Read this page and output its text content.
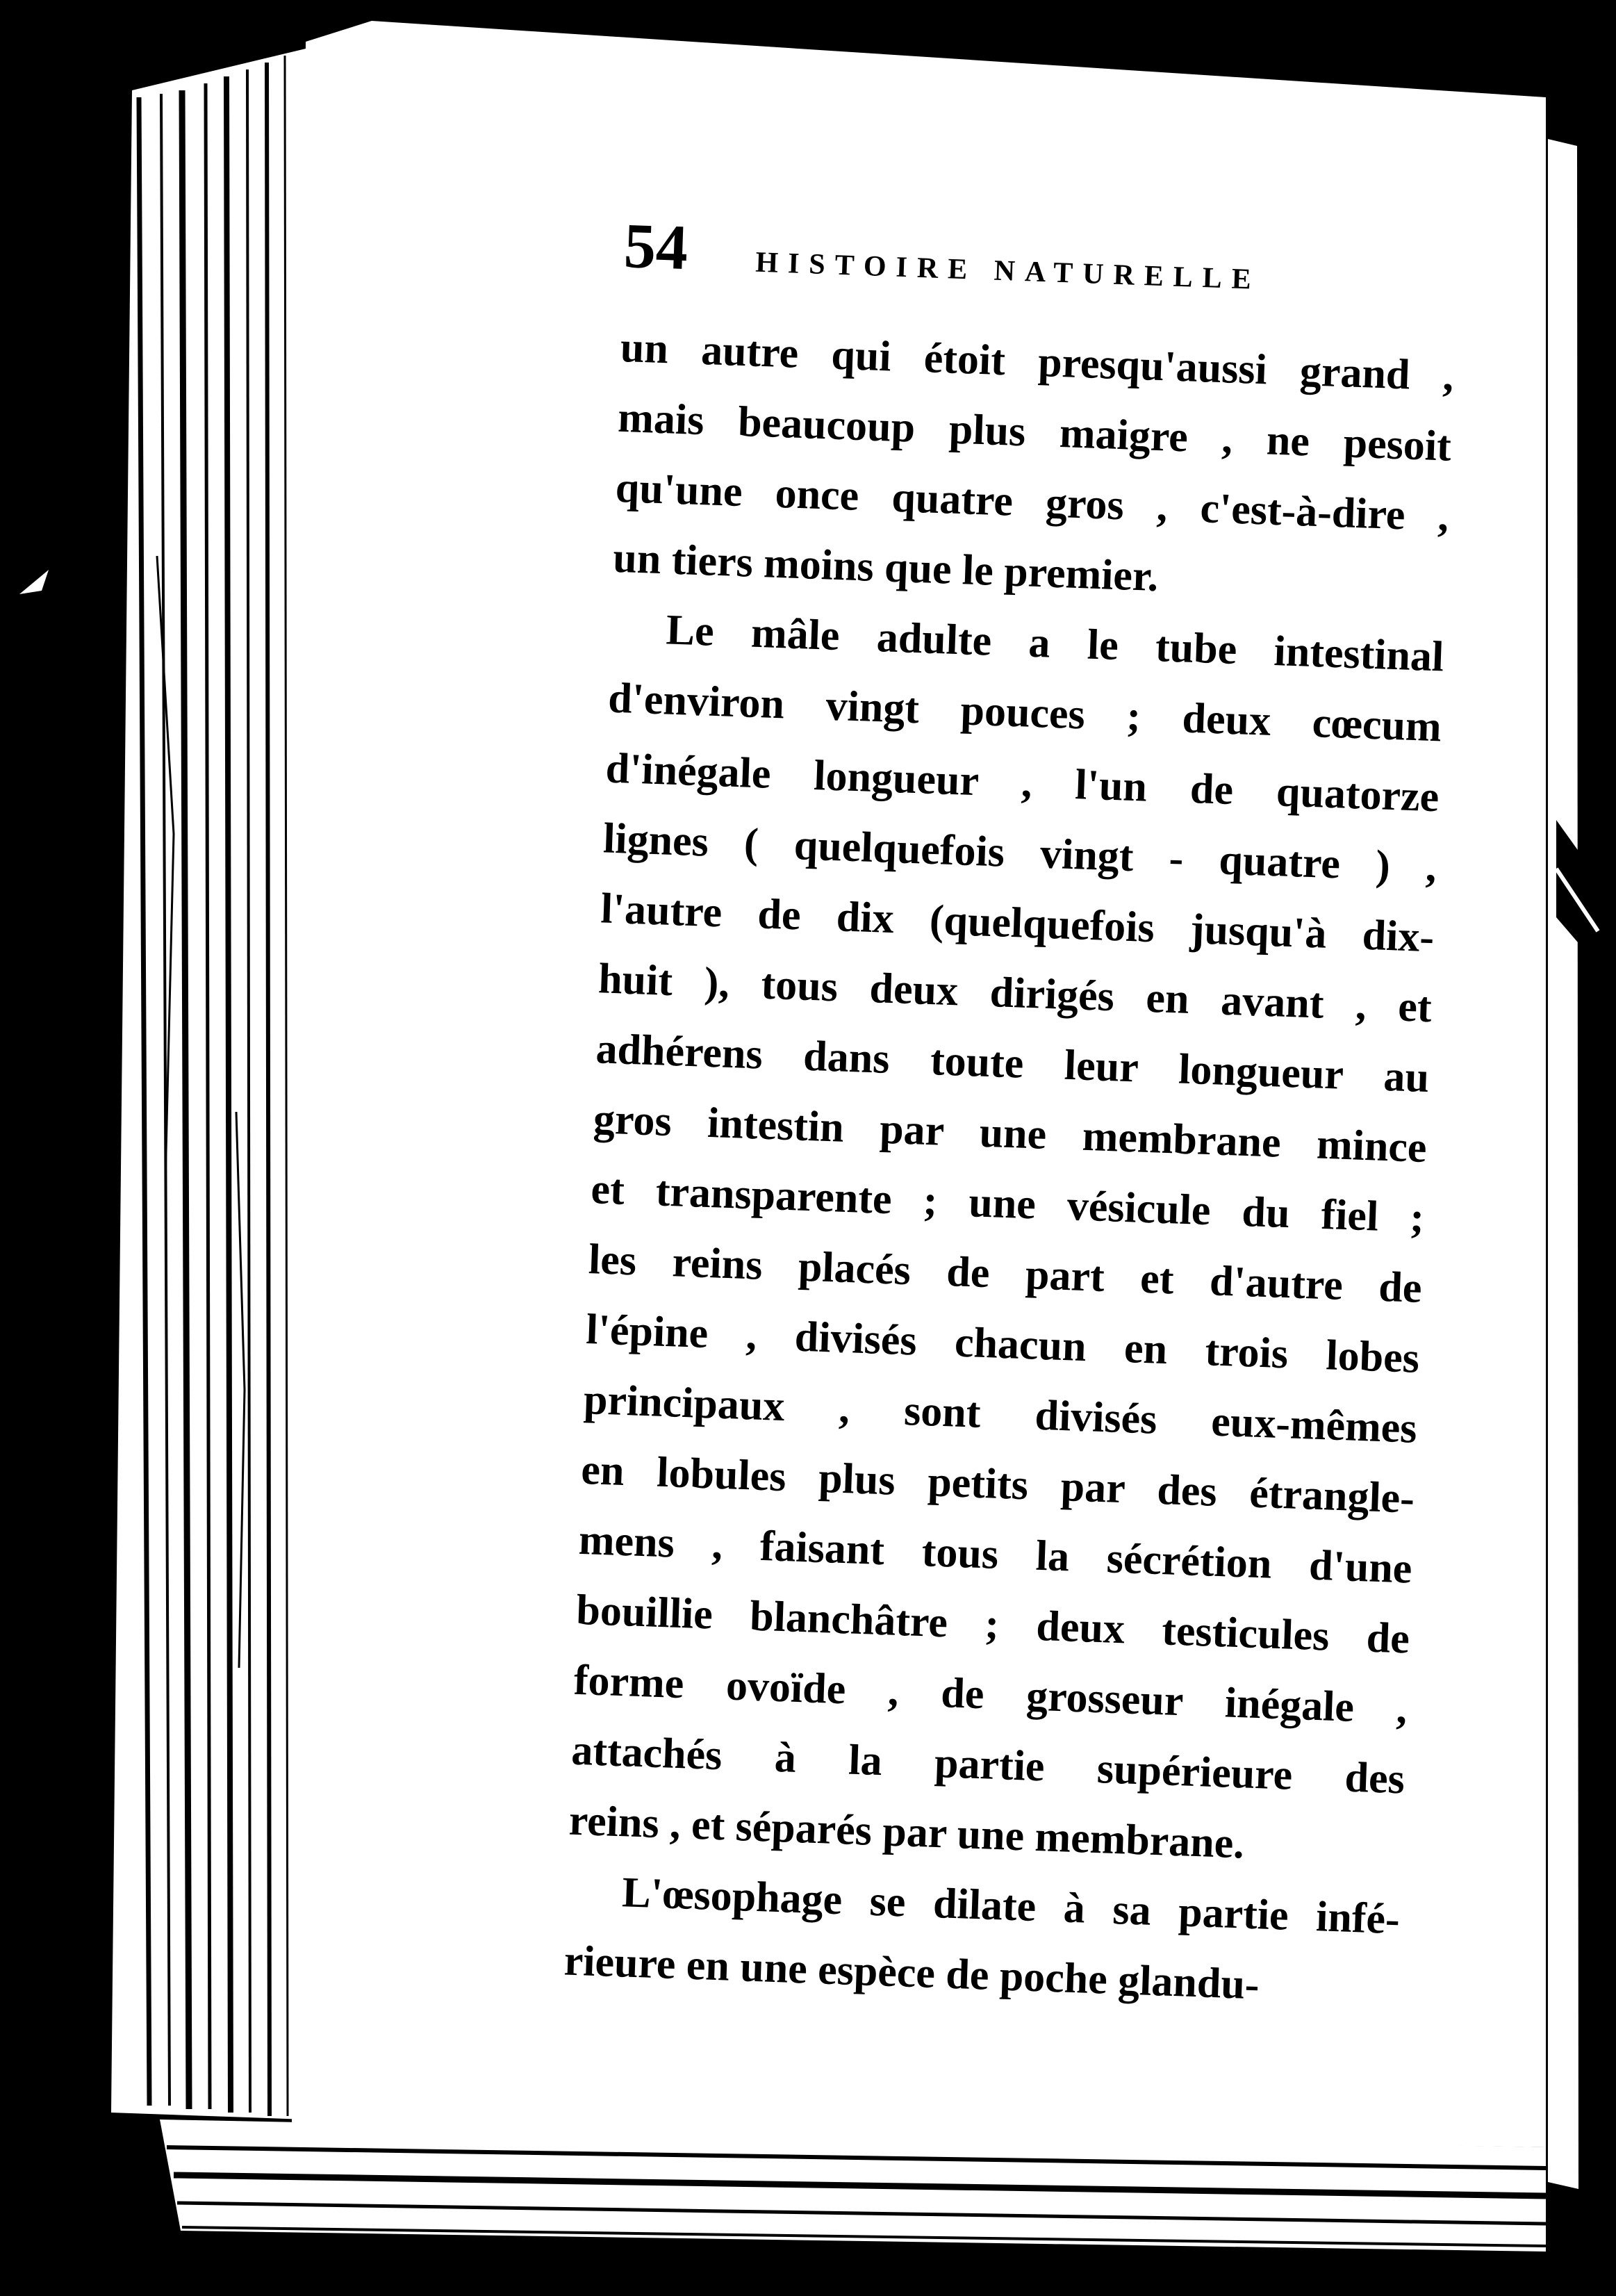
54	HISTOIRE NATURELLE
un autre qui étoit presqu'aussi grand ,
mais beaucoup plus maigre , ne pesoit
qu'une once quatre gros , c'est-à-dire ,
un tiers moins que le premier.
Le mâle adulte a le tube intestinal
d'environ vingt pouces ; deux cœcum
d'inégale longueur , l'un de quatorze
lignes ( quelquefois vingt - quatre ) ,
l'autre de dix (quelquefois jusqu'à dix-
huit ), tous deux dirigés en avant , et
adhérens dans toute leur longueur au
gros intestin par une membrane mince
et transparente ; une vésicule du fiel ;
les reins placés de part et d'autre de
l'épine , divisés chacun en trois lobes
principaux , sont divisés eux-mêmes
en lobules plus petits par des étrangle-
mens , faisant tous la sécrétion d'une
bouillie blanchâtre ; deux testicules de
forme ovoïde , de grosseur inégale ,
attachés à la partie supérieure des
reins , et séparés par une membrane.
L'œsophage se dilate à sa partie infé-
rieure en une espèce de poche glandu-
